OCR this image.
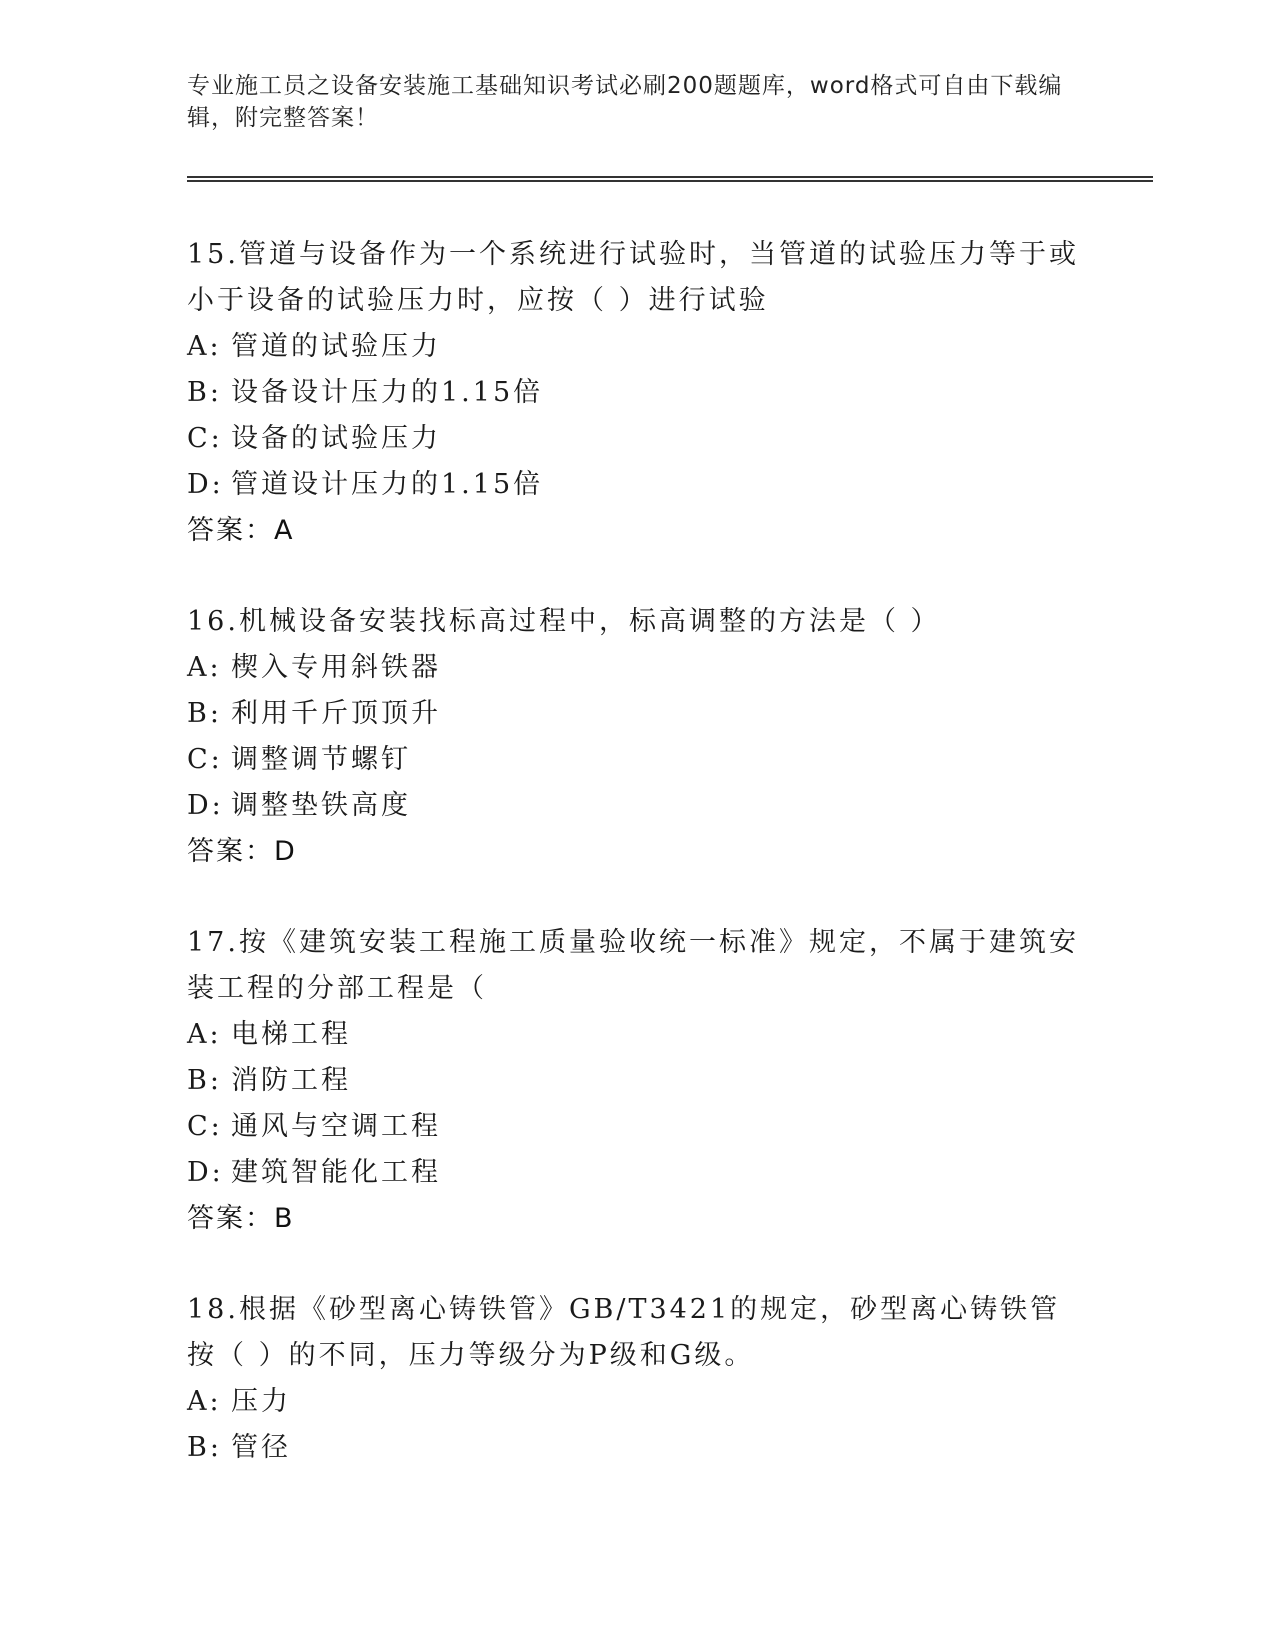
专业施工员之设备安装施工基础知识考试必刷200题题库，word格式可自由下载编辑，附完整答案！
15.管道与设备作为一个系统进行试验时，当管道的试验压力等于或小于设备的试验压力时，应按（ ）进行试验
A: 管道的试验压力
B: 设备设计压力的1.15倍
C: 设备的试验压力
D: 管道设计压力的1.15倍
答案：A
16.机械设备安装找标高过程中，标高调整的方法是（ ）
A: 楔入专用斜铁器
B: 利用千斤顶顶升
C: 调整调节螺钉
D: 调整垫铁高度
答案：D
17.按《建筑安装工程施工质量验收统一标准》规定，不属于建筑安装工程的分部工程是（
A: 电梯工程
B: 消防工程
C: 通风与空调工程
D: 建筑智能化工程
答案：B
18.根据《砂型离心铸铁管》GB/T3421的规定，砂型离心铸铁管按（ ）的不同，压力等级分为P级和G级。
A: 压力
B: 管径
